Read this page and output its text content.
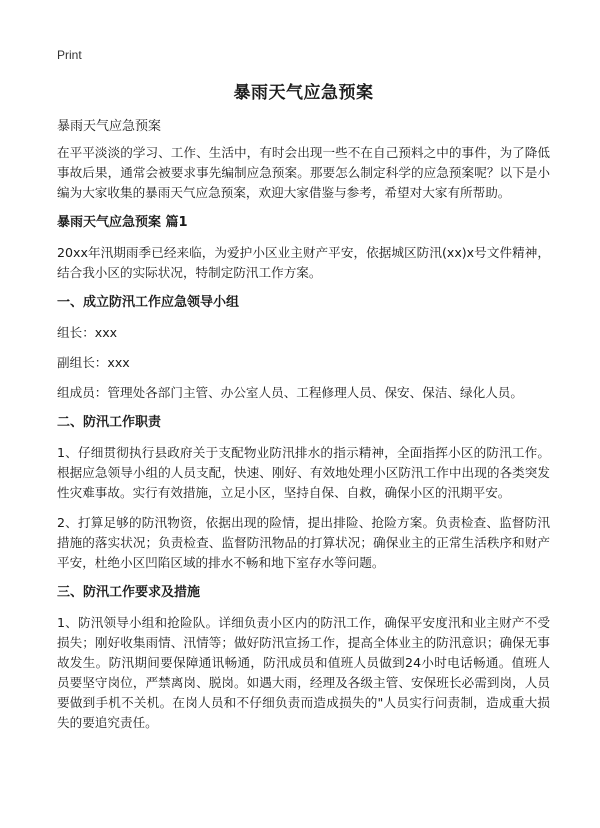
Print
暴雨天气应急预案
暴雨天气应急预案

在平平淡淡的学习、工作、生活中，有时会出现一些不在自己预料之中的事件，为了降低事故后果，通常会被要求事先编制应急预案。那要怎么制定科学的应急预案呢？以下是小编为大家收集的暴雨天气应急预案，欢迎大家借鉴与参考，希望对大家有所帮助。

暴雨天气应急预案 篇1

20xx年汛期雨季已经来临，为爱护小区业主财产平安，依据城区防汛(xx)x号文件精神，结合我小区的实际状况，特制定防汛工作方案。

一、成立防汛工作应急领导小组

组长：xxx

副组长：xxx

组成员：管理处各部门主管、办公室人员、工程修理人员、保安、保洁、绿化人员。

二、防汛工作职责

1、仔细贯彻执行县政府关于支配物业防汛排水的指示精神，全面指挥小区的防汛工作。根据应急领导小组的人员支配，快速、刚好、有效地处理小区防汛工作中出现的各类突发性灾难事故。实行有效措施，立足小区，坚持自保、自救，确保小区的汛期平安。

2、打算足够的防汛物资，依据出现的险情，提出排险、抢险方案。负责检查、监督防汛措施的落实状况；负责检查、监督防汛物品的打算状况；确保业主的正常生活秩序和财产平安，杜绝小区凹陷区域的排水不畅和地下室存水等问题。

三、防汛工作要求及措施

1、防汛领导小组和抢险队。详细负责小区内的防汛工作，确保平安度汛和业主财产不受损失；刚好收集雨情、汛情等；做好防汛宣扬工作，提高全体业主的防汛意识；确保无事故发生。防汛期间要保障通讯畅通，防汛成员和值班人员做到24小时电话畅通。值班人员要坚守岗位，严禁离岗、脱岗。如遇大雨，经理及各级主管、安保班长必需到岗，人员要做到手机不关机。在岗人员和不仔细负责而造成损失的"人员实行问责制，造成重大损失的要追究责任。
